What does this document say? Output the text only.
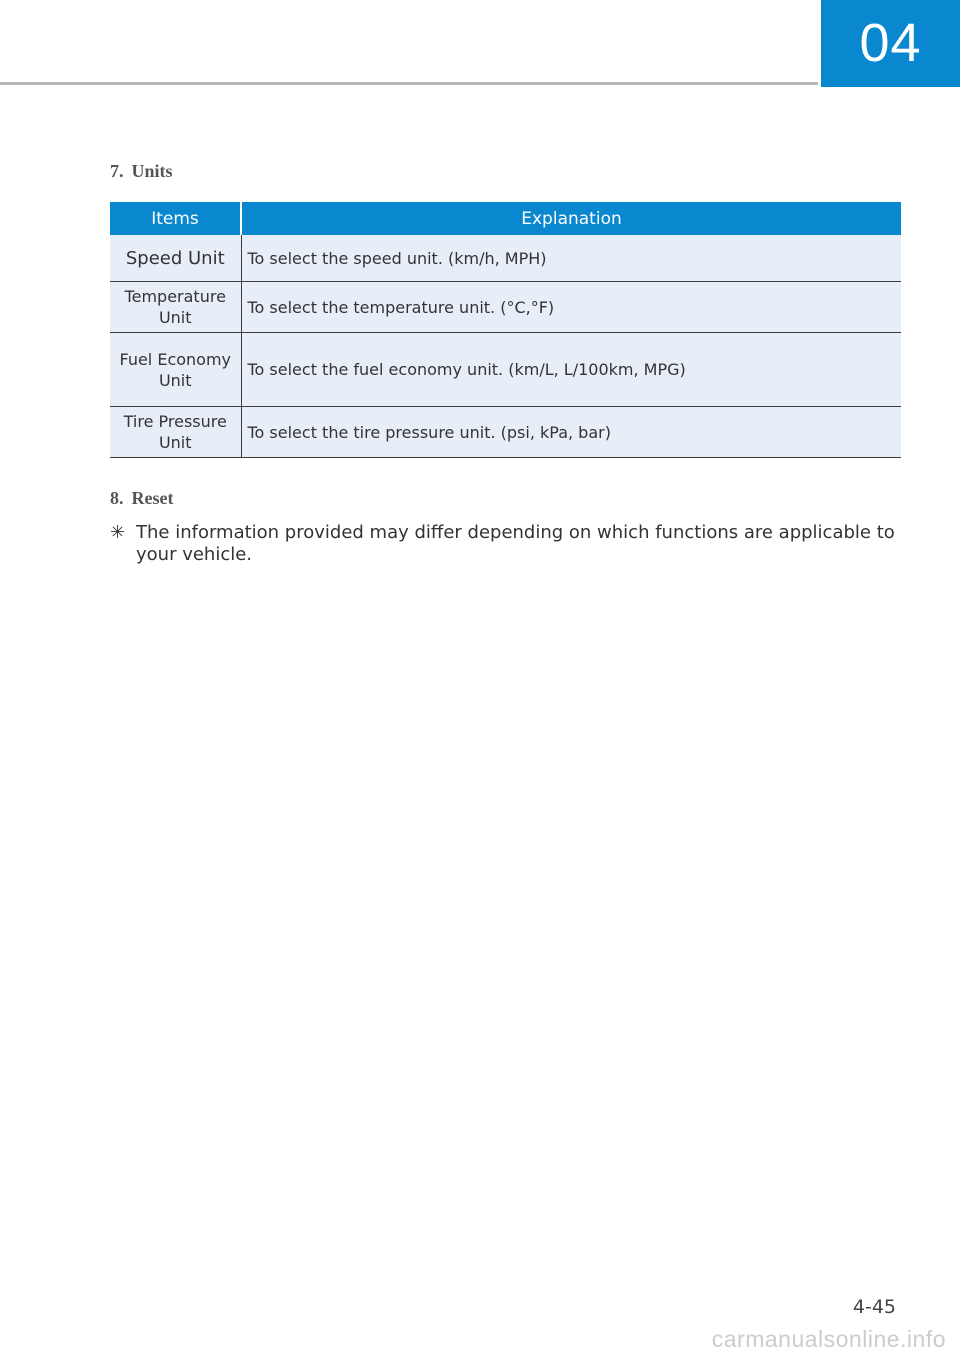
04
7. Units
Items	Explanation
Speed Unit	To select the speed unit. (km/h, MPH)
Temperature Unit	To select the temperature unit. (°C,°F)
Fuel Economy Unit	To select the fuel economy unit. (km/L, L/100km, MPG)
Tire Pressure Unit	To select the tire pressure unit. (psi, kPa, bar)
8. Reset
✳ The information provided may differ depending on which functions are applicable to your vehicle.
4-45
carmanualsonline.info
